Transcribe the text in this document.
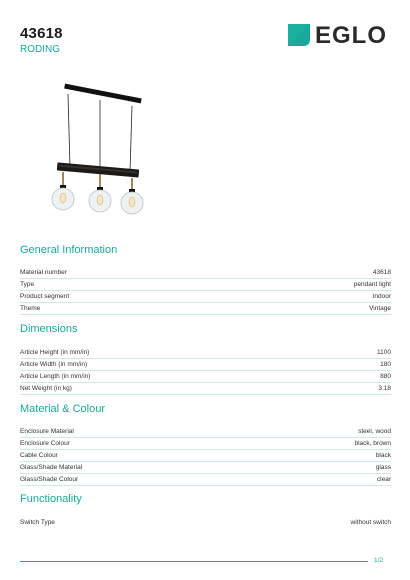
43618
RODING
EGLO
General Information
Material number	43618
Type	pendant light
Product segment	Indoor
Theme	Vintage
Dimensions
Article Height (in mm/in)	1100
Article Width (in mm/in)	180
Article Length (in mm/in)	880
Net Weight (in kg)	3.18
Material & Colour
Enclosure Material	steel, wood
Enclosure Colour	black, brown
Cable Colour	black
Glass/Shade Material	glass
Glass/Shade Colour	clear
Functionality
Switch Type	without switch
1/2
